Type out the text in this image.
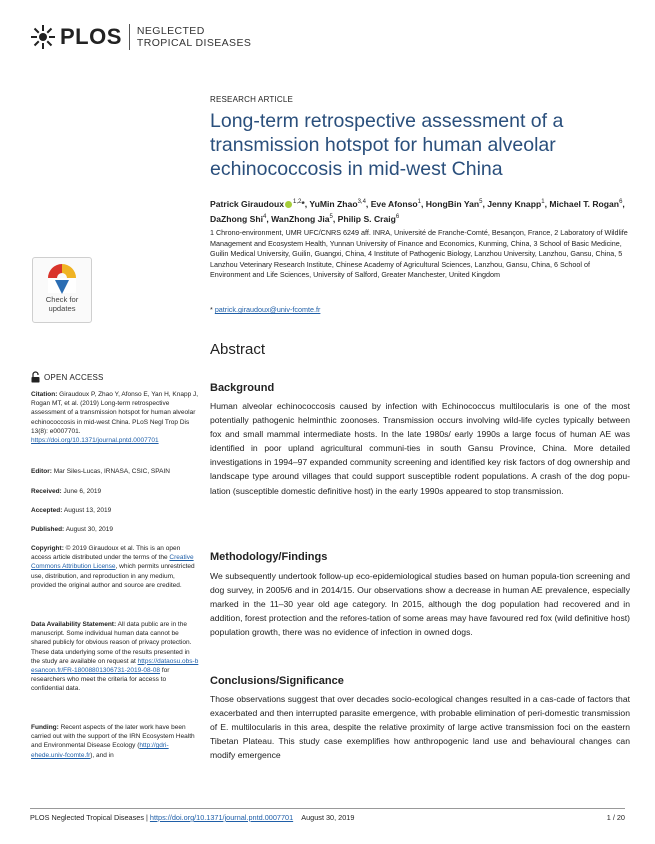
PLOS NEGLECTED
TROPICAL DISEASES
Check for
updates
OPEN ACCESS
Citation: Giraudoux P, Zhao Y, Afonso E, Yan H, Knapp J, Rogan MT, et al. (2019) Long-term retrospective assessment of a transmission hotspot for human alveolar echinococcosis in mid-west China. PLoS Negl Trop Dis 13(8): e0007701. https://doi.org/10.1371/journal.pntd.0007701
Editor: Mar Siles-Lucas, IRNASA, CSIC, SPAIN
Received: June 6, 2019
Accepted: August 13, 2019
Published: August 30, 2019
Copyright: © 2019 Giraudoux et al. This is an open access article distributed under the terms of the Creative Commons Attribution License, which permits unrestricted use, distribution, and reproduction in any medium, provided the original author and source are credited.
Data Availability Statement: All data public are in the manuscript. Some individual human data cannot be shared publicly for obvious reason of privacy protection. These data underlying some of the results presented in the study are available on request at https://dataosu.obs-besancon.fr/FR-18008801306731-2019-08-08 for researchers who meet the criteria for access to confidential data.
Funding: Recent aspects of the later work have been carried out with the support of the IRN Ecosystem Health and Environmental Disease Ecology (http://gdri-ehede.univ-fcomte.fr), and in
RESEARCH ARTICLE
Long-term retrospective assessment of a transmission hotspot for human alveolar echinococcosis in mid-west China
Patrick Giraudoux $^{1,2}$*, YuMin Zhao$^{3,4}$, Eve Afonso$^1$, HongBin Yan$^5$, Jenny Knapp$^1$, Michael T. Rogan$^6$, DaZhong Shi$^4$, WanZhong Jia$^5$, Philip S. Craig$^6$
1 Chrono-environment, UMR UFC/CNRS 6249 aff. INRA, Université de Franche-Comté, Besançon, France, 2 Laboratory of Wildlife Management and Ecosystem Health, Yunnan University of Finance and Economics, Kunming, China, 3 School of Basic Medicine, Guilin Medical University, Guilin, Guangxi, China, 4 Institute of Pathogenic Biology, Lanzhou University, Lanzhou, Gansu, China, 5 Lanzhou Veterinary Research Institute, Chinese Academy of Agricultural Sciences, Lanzhou, Gansu, China, 6 School of Environment and Life Sciences, University of Salford, Greater Manchester, United Kingdom
* patrick.giraudoux@univ-fcomte.fr
Abstract
Background
Human alveolar echinococcosis caused by infection with Echinococcus multilocularis is one of the most potentially pathogenic helminthic zoonoses. Transmission occurs involving wild-life cycles typically between fox and small mammal intermediate hosts. In the late 1980s/ early 1990s a large focus of human AE was identified in poor upland agricultural communi-ties in south Gansu Province, China. More detailed investigations in 1994–97 expanded community screening and identified key risk factors of dog ownership and landscape type around villages that could support susceptible rodent populations. A crash of the dog popu-lation (susceptible domestic definitive host) in the early 1990s appeared to stop transmission.
Methodology/Findings
We subsequently undertook follow-up eco-epidemiological studies based on human popula-tion screening and dog survey, in 2005/6 and in 2014/15. Our observations show a decrease in human AE prevalence, especially marked in the 11–30 year old age category. In 2015, although the dog population had recovered and in addition, forest protection and the refores-tation of some areas may have favoured red fox (wild definitive host) population growth, there was no evidence of infection in owned dogs.
Conclusions/Significance
Those observations suggest that over decades socio-ecological changes resulted in a cas-cade of factors that exacerbated and then interrupted parasite emergence, with probable elimination of peri-domestic transmission of E. multilocularis in this area, despite the relative proximity of large active transmission foci on the eastern Tibetan Plateau. This study case exemplifies how anthropogenic land use and behavioural changes can modify emergence
PLOS Neglected Tropical Diseases | https://doi.org/10.1371/journal.pntd.0007701 August 30, 2019	1 / 20
